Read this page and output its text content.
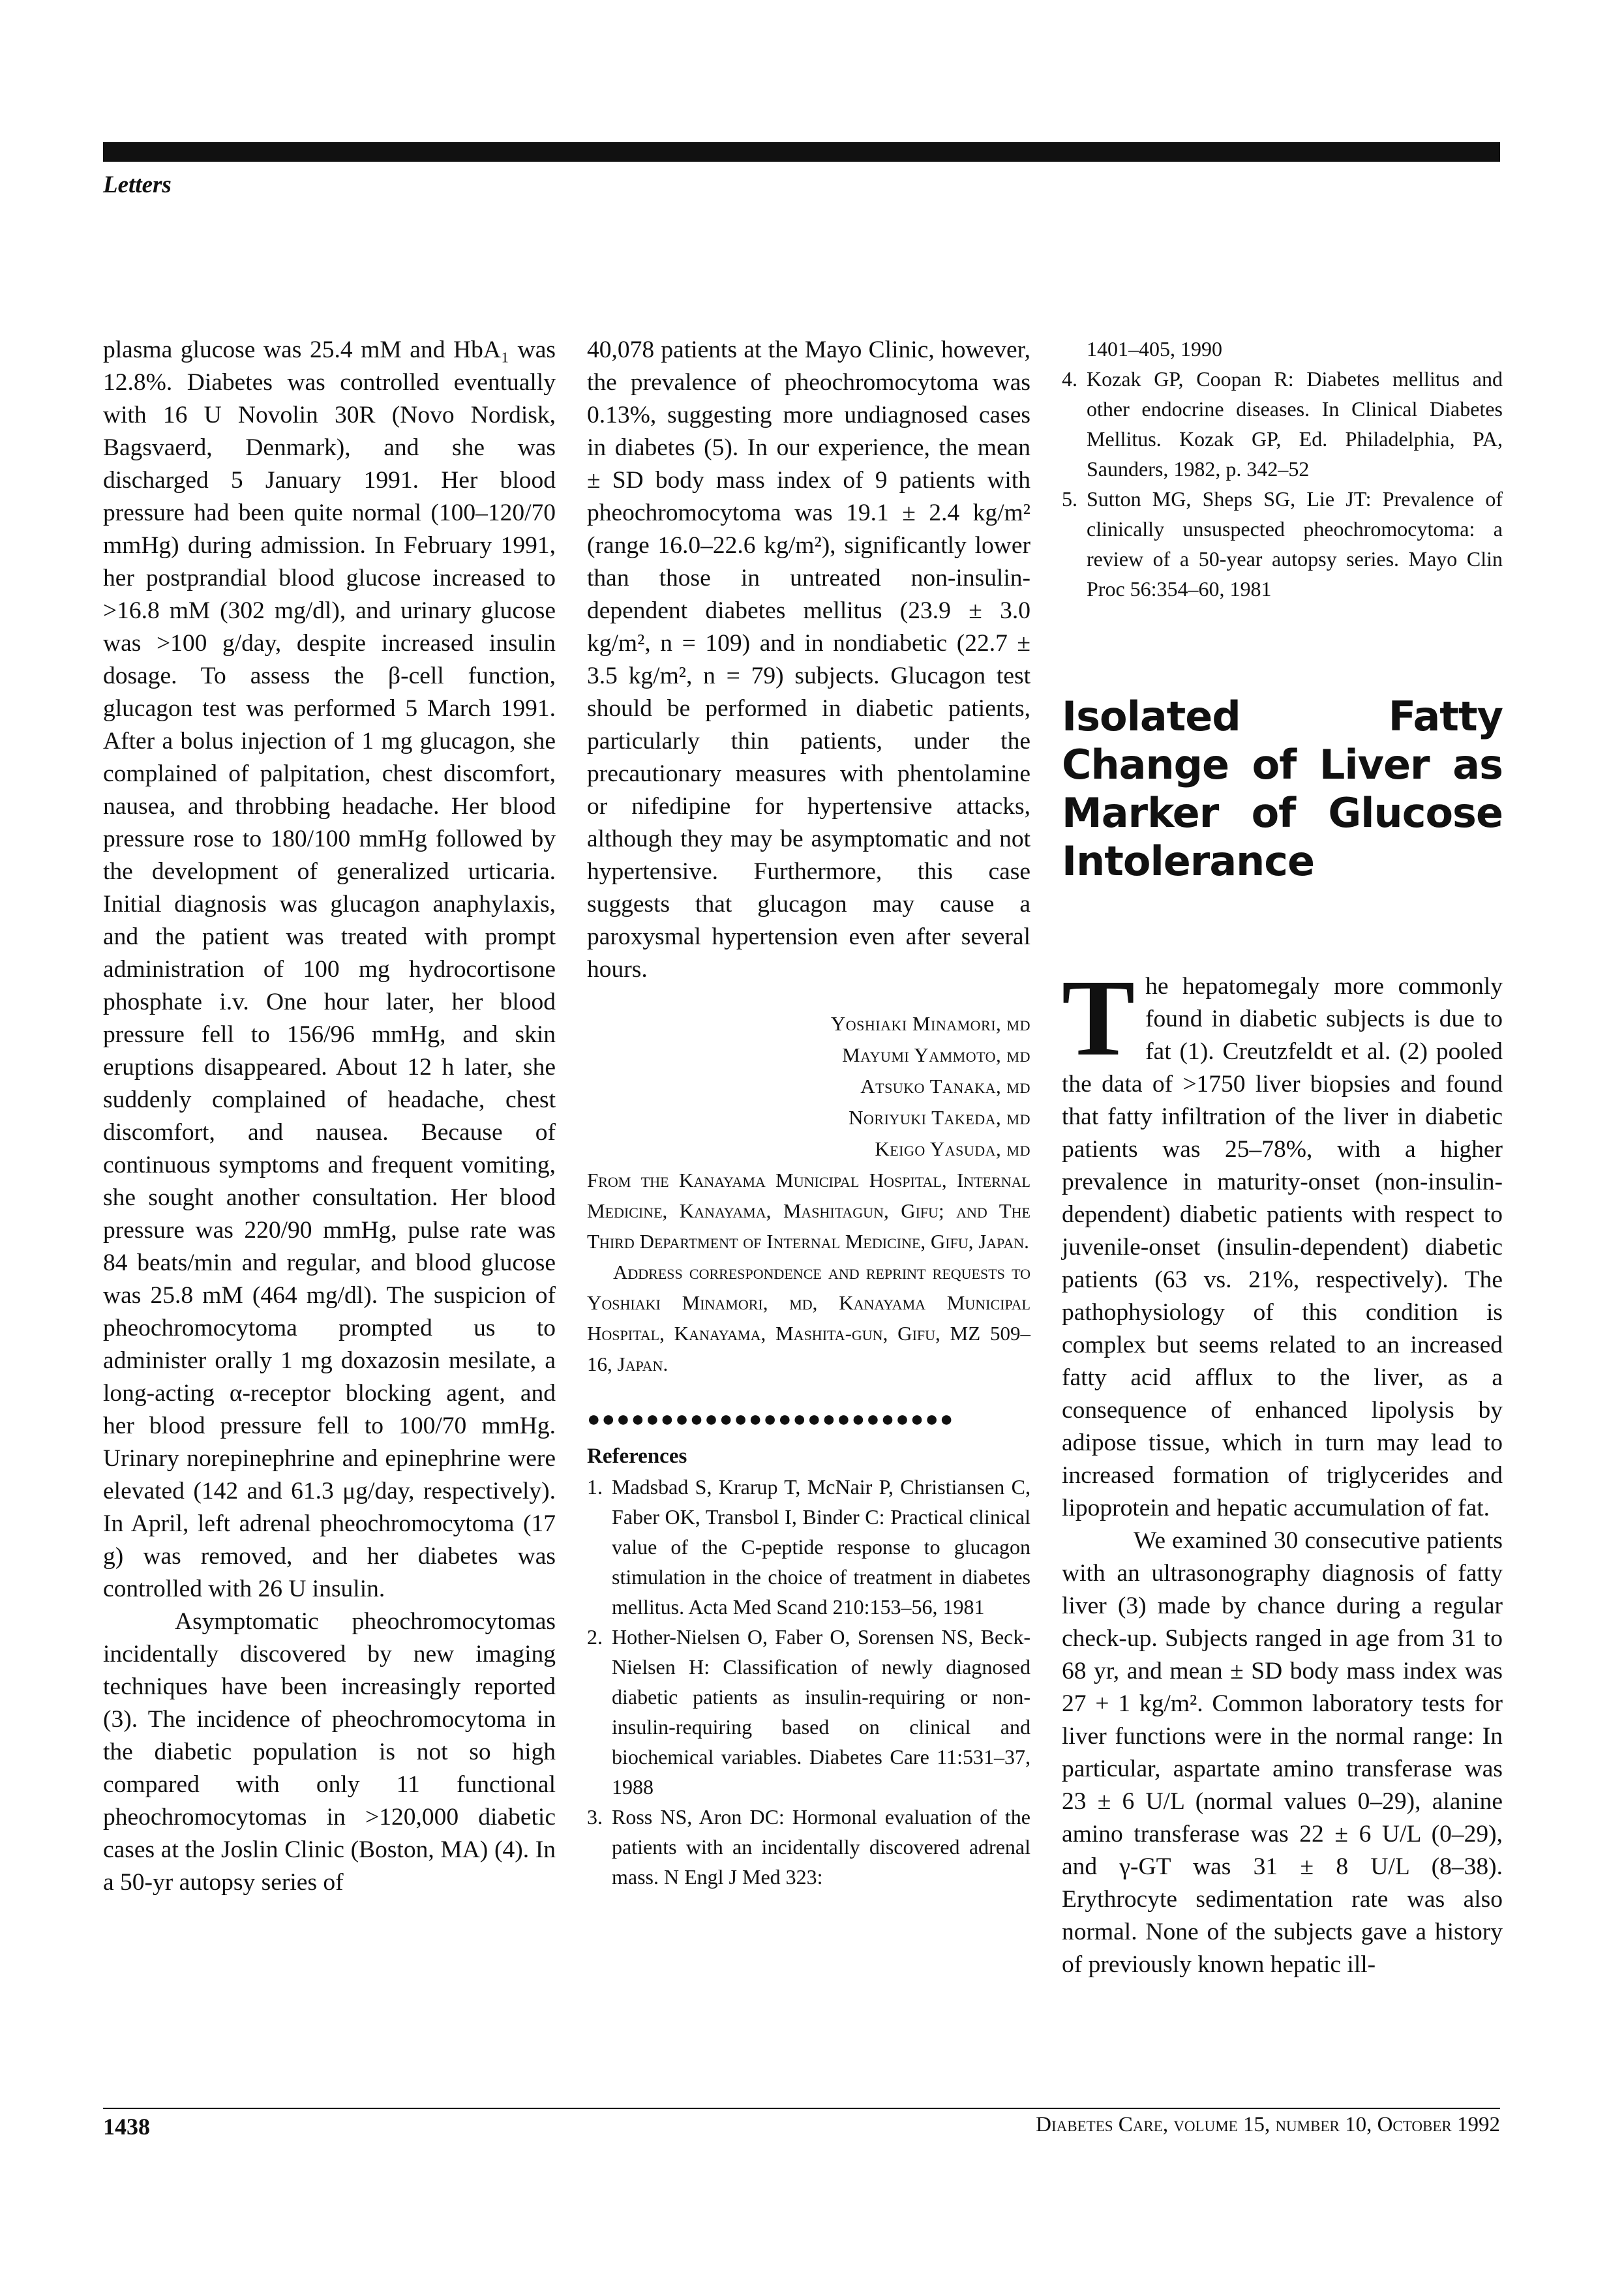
Letters

plasma glucose was 25.4 mM and HbA₁ was 12.8%. Diabetes was controlled eventually with 16 U Novolin 30R (Novo Nordisk, Bagsvaerd, Denmark), and she was discharged 5 January 1991. Her blood pressure had been quite normal (100–120/70 mmHg) during admission. In February 1991, her postprandial blood glucose increased to >16.8 mM (302 mg/dl), and urinary glucose was >100 g/day, despite increased insulin dosage. To assess the β-cell function, glucagon test was performed 5 March 1991. After a bolus injection of 1 mg glucagon, she complained of palpitation, chest discomfort, nausea, and throbbing headache. Her blood pressure rose to 180/100 mmHg followed by the development of generalized urticaria. Initial diagnosis was glucagon anaphylaxis, and the patient was treated with prompt administration of 100 mg hydrocortisone phosphate i.v. One hour later, her blood pressure fell to 156/96 mmHg, and skin eruptions disappeared. About 12 h later, she suddenly complained of headache, chest discomfort, and nausea. Because of continuous symptoms and frequent vomiting, she sought another consultation. Her blood pressure was 220/90 mmHg, pulse rate was 84 beats/min and regular, and blood glucose was 25.8 mM (464 mg/dl). The suspicion of pheochromocytoma prompted us to administer orally 1 mg doxazosin mesilate, a long-acting α-receptor blocking agent, and her blood pressure fell to 100/70 mmHg. Urinary norepinephrine and epinephrine were elevated (142 and 61.3 μg/day, respectively). In April, left adrenal pheochromocytoma (17 g) was removed, and her diabetes was controlled with 26 U insulin.

Asymptomatic pheochromocytomas incidentally discovered by new imaging techniques have been increasingly reported (3). The incidence of pheochromocytoma in the diabetic population is not so high compared with only 11 functional pheochromocytomas in >120,000 diabetic cases at the Joslin Clinic (Boston, MA) (4). In a 50-yr autopsy series of

40,078 patients at the Mayo Clinic, however, the prevalence of pheochromocytoma was 0.13%, suggesting more undiagnosed cases in diabetes (5). In our experience, the mean ± SD body mass index of 9 patients with pheochromocytoma was 19.1 ± 2.4 kg/m² (range 16.0–22.6 kg/m²), significantly lower than those in untreated non-insulin-dependent diabetes mellitus (23.9 ± 3.0 kg/m², n = 109) and in nondiabetic (22.7 ± 3.5 kg/m², n = 79) subjects. Glucagon test should be performed in diabetic patients, particularly thin patients, under the precautionary measures with phentolamine or nifedipine for hypertensive attacks, although they may be asymptomatic and not hypertensive. Furthermore, this case suggests that glucagon may cause a paroxysmal hypertension even after several hours.

Yoshiaki Minamori, md
Mayumi Yammoto, md
Atsuko Tanaka, md
Noriyuki Takeda, md
Keigo Yasuda, md

From the Kanayama Municipal Hospital, Internal Medicine, Kanayama, Mashitagun, Gifu; and The Third Department of Internal Medicine, Gifu, Japan.

Address correspondence and reprint requests to Yoshiaki Minamori, md, Kanayama Municipal Hospital, Kanayama, Mashita-gun, Gifu, MZ 509–16, Japan.

●●●●●●●●●●●●●●●●●●●●●●●●●
References
1. Madsbad S, Krarup T, McNair P, Christiansen C, Faber OK, Transbol I, Binder C: Practical clinical value of the C-peptide response to glucagon stimulation in the choice of treatment in diabetes mellitus. Acta Med Scand 210:153–56, 1981
2. Hother-Nielsen O, Faber O, Sorensen NS, Beck-Nielsen H: Classification of newly diagnosed diabetic patients as insulin-requiring or non-insulin-requiring based on clinical and biochemical variables. Diabetes Care 11:531–37, 1988
3. Ross NS, Aron DC: Hormonal evaluation of the patients with an incidentally discovered adrenal mass. N Engl J Med 323:
1401–405, 1990
4. Kozak GP, Coopan R: Diabetes mellitus and other endocrine diseases. In Clinical Diabetes Mellitus. Kozak GP, Ed. Philadelphia, PA, Saunders, 1982, p. 342–52
5. Sutton MG, Sheps SG, Lie JT: Prevalence of clinically unsuspected pheochromocytoma: a review of a 50-year autopsy series. Mayo Clin Proc 56:354–60, 1981
Isolated Fatty Change of Liver as Marker of Glucose Intolerance
T he hepatomegaly more commonly found in diabetic subjects is due to fat (1). Creutzfeldt et al. (2) pooled the data of >1750 liver biopsies and found that fatty infiltration of the liver in diabetic patients was 25–78%, with a higher prevalence in maturity-onset (non-insulin-dependent) diabetic patients with respect to juvenile-onset (insulin-dependent) diabetic patients (63 vs. 21%, respectively). The pathophysiology of this condition is complex but seems related to an increased fatty acid afflux to the liver, as a consequence of enhanced lipolysis by adipose tissue, which in turn may lead to increased formation of triglycerides and lipoprotein and hepatic accumulation of fat.

We examined 30 consecutive patients with an ultrasonography diagnosis of fatty liver (3) made by chance during a regular check-up. Subjects ranged in age from 31 to 68 yr, and mean ± SD body mass index was 27 + 1 kg/m². Common laboratory tests for liver functions were in the normal range: In particular, aspartate amino transferase was 23 ± 6 U/L (normal values 0–29), alanine amino transferase was 22 ± 6 U/L (0–29), and γ-GT was 31 ± 8 U/L (8–38). Erythrocyte sedimentation rate was also normal. None of the subjects gave a history of previously known hepatic ill-

1438	Diabetes Care, volume 15, number 10, October 1992
